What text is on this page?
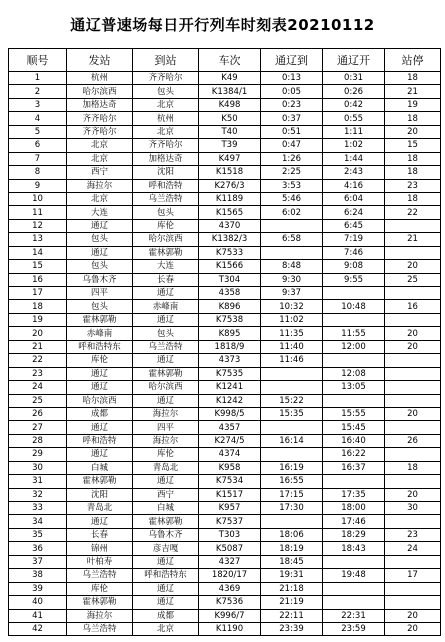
通辽普速场每日开行列车时刻表20210112
顺号	发站	到站	车次	通辽到	通辽开	站停
1	杭州	齐齐哈尔	K49	0:13	0:31	18
2	哈尔滨西	包头	K1384/1	0:05	0:26	21
3	加格达奇	北京	K498	0:23	0:42	19
4	齐齐哈尔	杭州	K50	0:37	0:55	18
5	齐齐哈尔	北京	T40	0:51	1:11	20
6	北京	齐齐哈尔	T39	0:47	1:02	15
7	北京	加格达奇	K497	1:26	1:44	18
8	西宁	沈阳	K1518	2:25	2:43	18
9	海拉尔	呼和浩特	K276/3	3:53	4:16	23
10	北京	乌兰浩特	K1189	5:46	6:04	18
11	大连	包头	K1565	6:02	6:24	22
12	通辽	库伦	4370		6:45	
13	包头	哈尔滨西	K1382/3	6:58	7:19	21
14	通辽	霍林郭勒	K7533		7:46	
15	包头	大连	K1566	8:48	9:08	20
16	乌鲁木齐	长春	T304	9:30	9:55	25
17	四平	通辽	4358	9:37		
18	包头	赤峰南	K896	10:32	10:48	16
19	霍林郭勒	通辽	K7538	11:02		
20	赤峰南	包头	K895	11:35	11:55	20
21	呼和浩特东	乌兰浩特	1818/9	11:40	12:00	20
22	库伦	通辽	4373	11:46		
23	通辽	霍林郭勒	K7535		12:08	
24	通辽	哈尔滨西	K1241		13:05	
25	哈尔滨西	通辽	K1242	15:22		
26	成都	海拉尔	K998/5	15:35	15:55	20
27	通辽	四平	4357		15:45	
28	呼和浩特	海拉尔	K274/5	16:14	16:40	26
29	通辽	库伦	4374		16:22	
30	白城	青岛北	K958	16:19	16:37	18
31	霍林郭勒	通辽	K7534	16:55		
32	沈阳	西宁	K1517	17:15	17:35	20
33	青岛北	白城	K957	17:30	18:00	30
34	通辽	霍林郭勒	K7537		17:46	
35	长春	乌鲁木齐	T303	18:06	18:29	23
36	锦州	彦吉嘎	K5087	18:19	18:43	24
37	叶柏寿	通辽	4327	18:45		
38	乌兰浩特	呼和浩特东	1820/17	19:31	19:48	17
39	库伦	通辽	4369	21:18		
40	霍林郭勒	通辽	K7536	21:19		
41	海拉尔	成都	K996/7	22:11	22:31	20
42	乌兰浩特	北京	K1190	23:39	23:59	20
